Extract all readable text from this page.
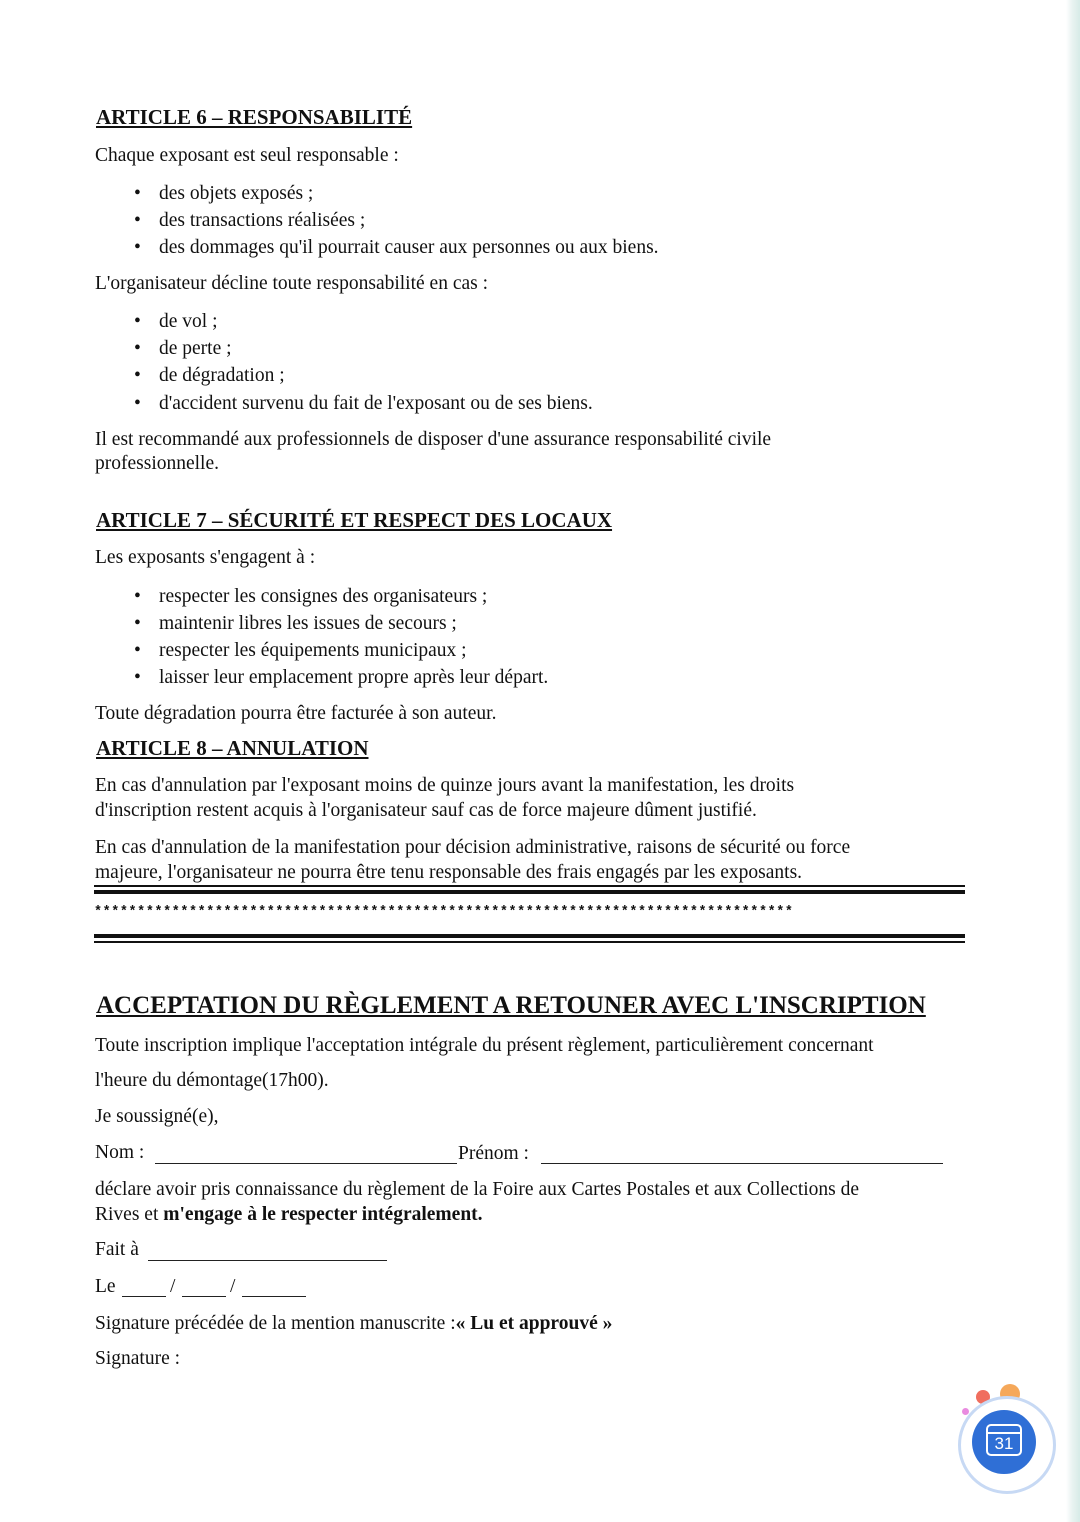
ARTICLE 6 – RESPONSABILITÉ
Chaque exposant est seul responsable :
• des objets exposés ;
• des transactions réalisées ;
• des dommages qu'il pourrait causer aux personnes ou aux biens.
L'organisateur décline toute responsabilité en cas :
• de vol ;
• de perte ;
• de dégradation ;
• d'accident survenu du fait de l'exposant ou de ses biens.
Il est recommandé aux professionnels de disposer d'une assurance responsabilité civile
professionnelle.
ARTICLE 7 – SÉCURITÉ ET RESPECT DES LOCAUX
Les exposants s'engagent à :
• respecter les consignes des organisateurs ;
• maintenir libres les issues de secours ;
• respecter les équipements municipaux ;
• laisser leur emplacement propre après leur départ.
Toute dégradation pourra être facturée à son auteur.
ARTICLE 8 – ANNULATION
En cas d'annulation par l'exposant moins de quinze jours avant la manifestation, les droits
d'inscription restent acquis à l'organisateur sauf cas de force majeure dûment justifié.
En cas d'annulation de la manifestation pour décision administrative, raisons de sécurité ou force
majeure, l'organisateur ne pourra être tenu responsable des frais engagés par les exposants.
*********************************************************************************
ACCEPTATION DU RÈGLEMENT A RETOUNER AVEC L'INSCRIPTION
Toute inscription implique l'acceptation intégrale du présent règlement, particulièrement concernant
l'heure du démontage(17h00).
Je soussigné(e),
Nom :	Prénom :
déclare avoir pris connaissance du règlement de la Foire aux Cartes Postales et aux Collections de
Rives et m'engage à le respecter intégralement.
Fait à
Le	/	/
Signature précédée de la mention manuscrite :« Lu et approuvé »
Signature :
31
